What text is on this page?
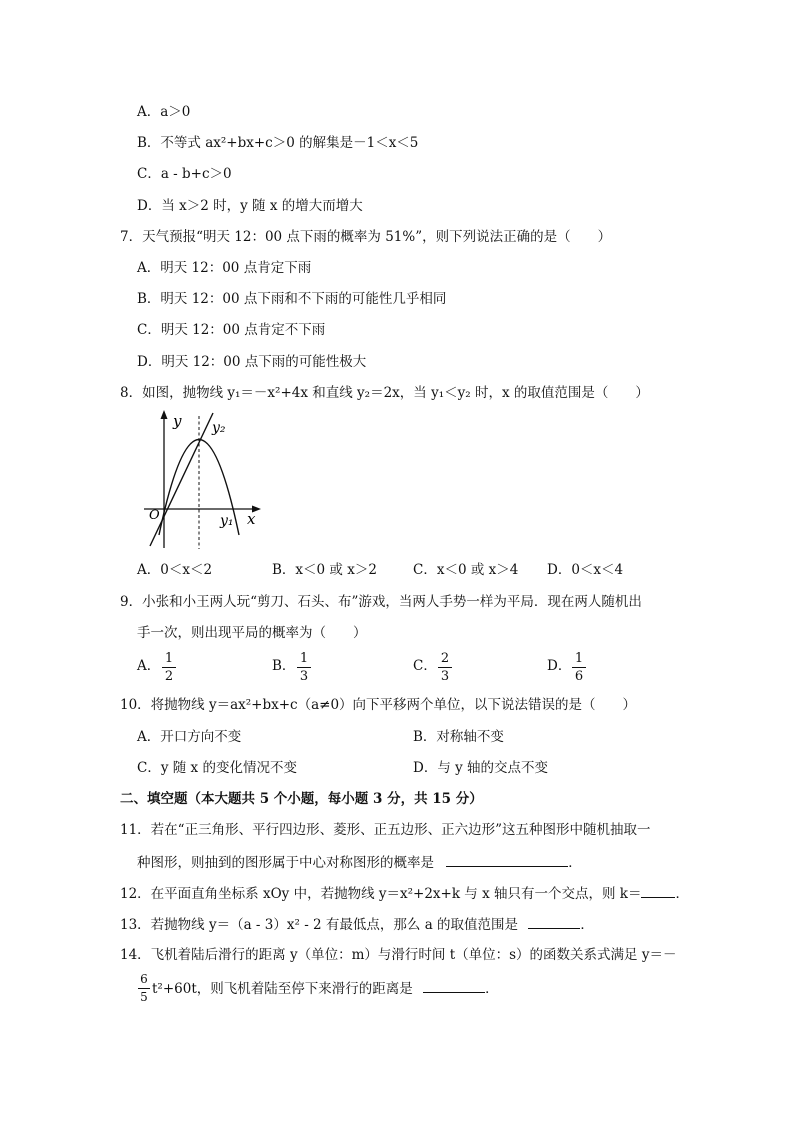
A．a＞0
B．不等式 ax²+bx+c＞0 的解集是－1＜x＜5
C．a - b+c＞0
D．当 x＞2 时，y 随 x 的增大而增大
7．天气预报“明天 12：00 点下雨的概率为 51%”，则下列说法正确的是（　　）
A．明天 12：00 点肯定下雨
B．明天 12：00 点下雨和不下雨的可能性几乎相同
C．明天 12：00 点肯定不下雨
D．明天 12：00 点下雨的可能性极大
8．如图，抛物线 y₁＝－x²+4x 和直线 y₂＝2x，当 y₁＜y₂ 时，x 的取值范围是（　　）
y y₂
O	y₁ x
A．0＜x＜2	B．x＜0 或 x＞2	C．x＜0 或 x＞4 D．0＜x＜4
9．小张和小王两人玩“剪刀、石头、布”游戏，当两人手势一样为平局．现在两人随机出
手一次，则出现平局的概率为（　　）
A． $\frac{1}{2}$	B． $\frac{1}{3}$	C． $\frac{2}{3}$	D． $\frac{1}{6}$
10．将抛物线 y＝ax²+bx+c（a≠0）向下平移两个单位，以下说法错误的是（　　）
A．开口方向不变	B．对称轴不变
C．y 随 x 的变化情况不变	D．与 y 轴的交点不变
二、填空题（本大题共 5 个小题，每小题 3 分，共 15 分）
11．若在“正三角形、平行四边形、菱形、正五边形、正六边形”这五种图形中随机抽取一
种图形，则抽到的图形属于中心对称图形的概率是	．
12．在平面直角坐标系 xOy 中，若抛物线 y＝x²+2x+k 与 x 轴只有一个交点，则 k＝	．
13．若抛物线 y＝（a - 3）x² - 2 有最低点，那么 a 的取值范围是	．
14．飞机着陆后滑行的距离 y（单位：m）与滑行时间 t（单位：s）的函数关系式满足 y＝－
$\frac{6}{5} t^2+60t$，则飞机着陆至停下来滑行的距离是	．
